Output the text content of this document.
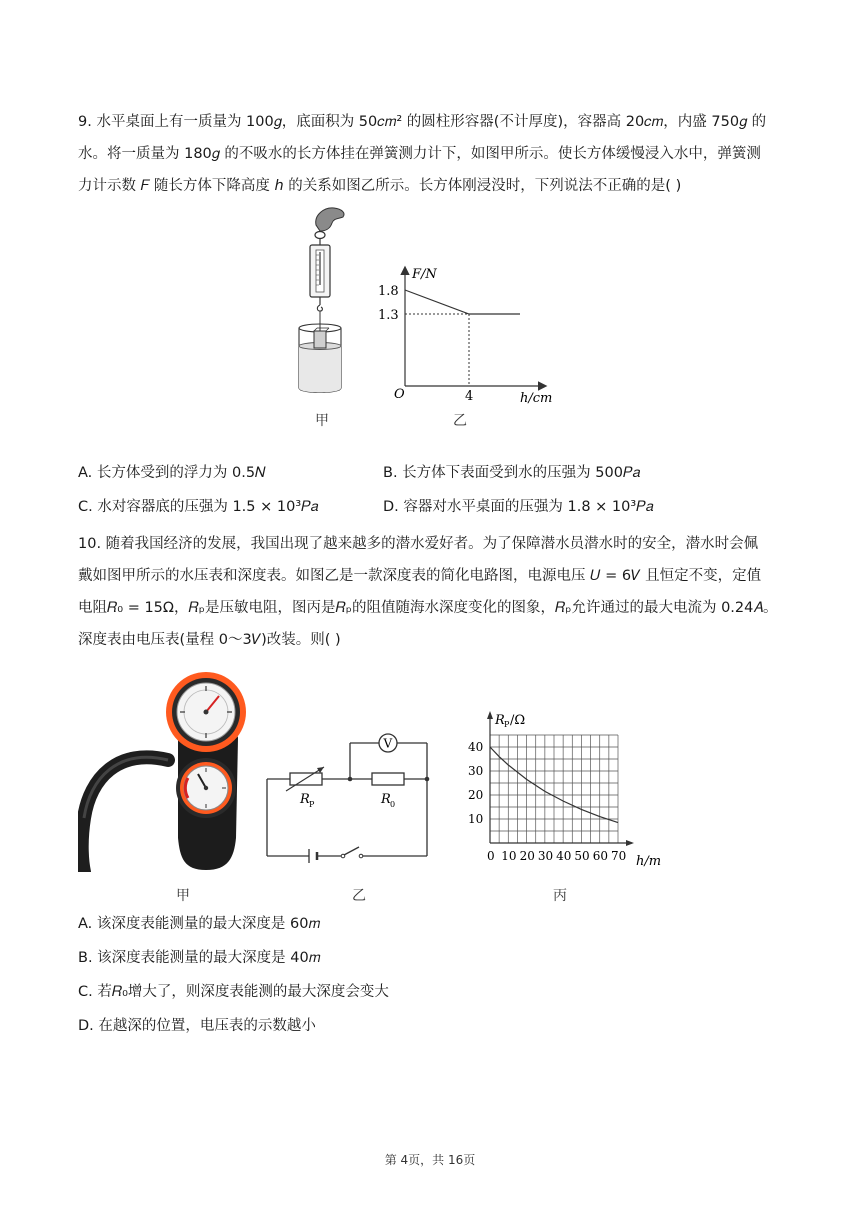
9. 水平桌面上有一质量为 100𝑔，底面积为 50𝑐𝑚² 的圆柱形容器(不计厚度)，容器高 20𝑐𝑚，内盛 750𝑔 的
水。将一质量为 180𝑔 的不吸水的长方体挂在弹簧测力计下，如图甲所示。使长方体缓慢浸入水中，弹簧测
力计示数 𝐹 随长方体下降高度 ℎ 的关系如图乙所示。长方体刚浸没时，下列说法不正确的是( )
甲
F/N
h/cm
O
1.8
1.3
4
乙
A. 长方体受到的浮力为 0.5𝑁	B. 长方体下表面受到水的压强为 500𝑃𝑎
C. 水对容器底的压强为 1.5 × 10³𝑃𝑎	D. 容器对水平桌面的压强为 1.8 × 10³𝑃𝑎
10. 随着我国经济的发展，我国出现了越来越多的潜水爱好者。为了保障潜水员潜水时的安全，潜水时会佩
戴如图甲所示的水压表和深度表。如图乙是一款深度表的简化电路图，电源电压 𝑈 = 6𝑉 且恒定不变，定值
电阻𝑅₀ = 15Ω，𝑅ₚ是压敏电阻，图丙是𝑅ₚ的阻值随海水深度变化的图象，𝑅ₚ允许通过的最大电流为 0.24𝐴。
深度表由电压表(量程 0～3𝑉)改装。则( )
甲
V
R P	R 0
乙
10
20
30
40
0 10 20 30 40 50 60 70
R P /Ω
h/m
丙
A. 该深度表能测量的最大深度是 60𝑚
B. 该深度表能测量的最大深度是 40𝑚
C. 若𝑅₀增大了，则深度表能测的最大深度会变大
D. 在越深的位置，电压表的示数越小
第 4页，共 16页
